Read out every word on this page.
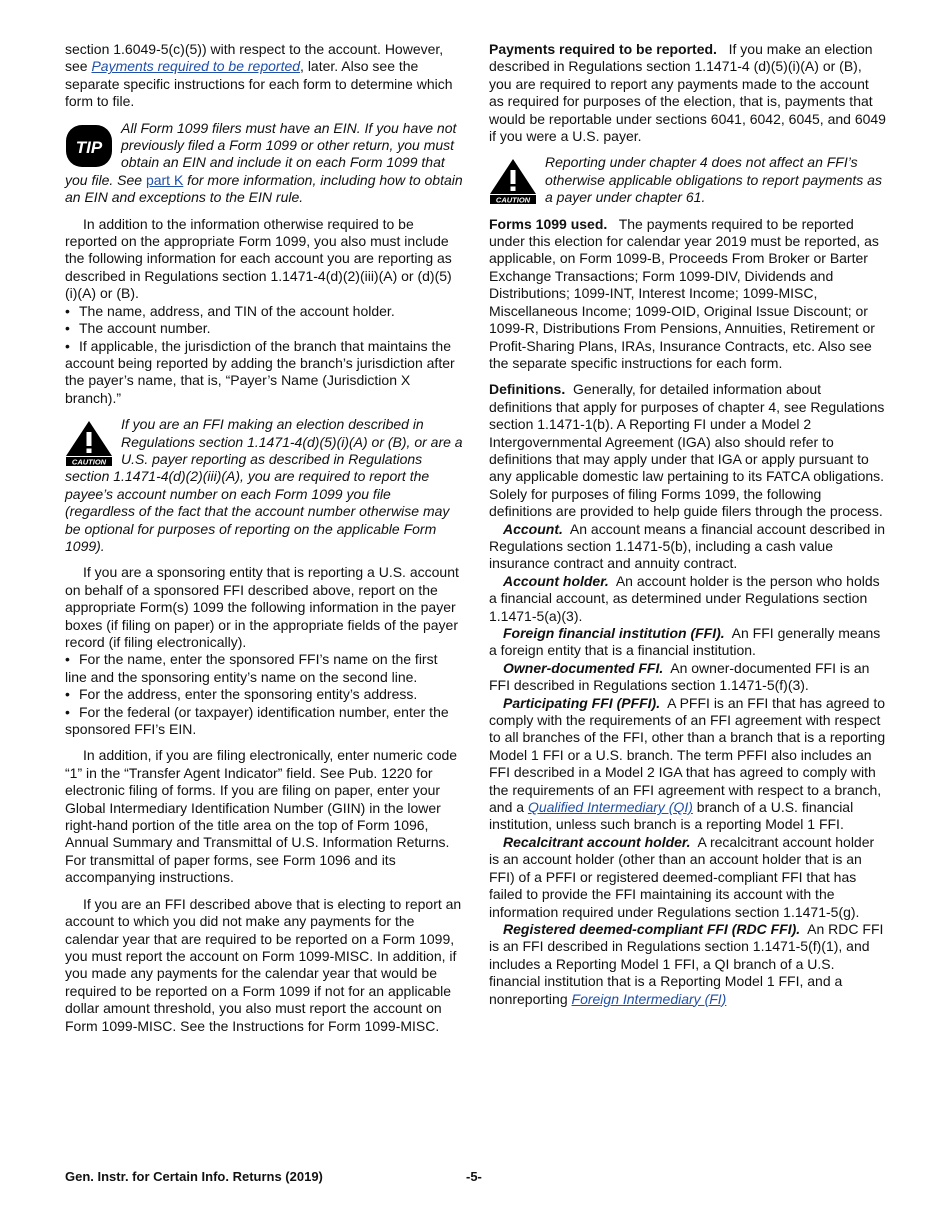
section 1.6049-5(c)(5)) with respect to the account. However, see Payments required to be reported, later. Also see the separate specific instructions for each form to determine which form to file.

TIP
All Form 1099 filers must have an EIN. If you have not previously filed a Form 1099 or other return, you must obtain an EIN and include it on each Form 1099 that you file. See part K for more information, including how to obtain an EIN and exceptions to the EIN rule.

In addition to the information otherwise required to be reported on the appropriate Form 1099, you also must include the following information for each account you are reporting as described in Regulations section 1.1471-4(d)(2)(iii)(A) or (d)(5)(i)(A) or (B).

• The name, address, and TIN of the account holder.

• The account number.

• If applicable, the jurisdiction of the branch that maintains the account being reported by adding the branch’s jurisdiction after the payer’s name, that is, “Payer’s Name (Jurisdiction X branch).”

CAUTION
If you are an FFI making an election described in Regulations section 1.1471-4(d)(5)(i)(A) or (B), or are a U.S. payer reporting as described in Regulations section 1.1471-4(d)(2)(iii)(A), you are required to report the payee’s account number on each Form 1099 you file (regardless of the fact that the account number otherwise may be optional for purposes of reporting on the applicable Form 1099).

If you are a sponsoring entity that is reporting a U.S. account on behalf of a sponsored FFI described above, report on the appropriate Form(s) 1099 the following information in the payer boxes (if filing on paper) or in the appropriate fields of the payer record (if filing electronically).

• For the name, enter the sponsored FFI’s name on the first line and the sponsoring entity’s name on the second line.

• For the address, enter the sponsoring entity’s address.

• For the federal (or taxpayer) identification number, enter the sponsored FFI’s EIN.

In addition, if you are filing electronically, enter numeric code “1” in the “Transfer Agent Indicator” field. See Pub. 1220 for electronic filing of forms. If you are filing on paper, enter your Global Intermediary Identification Number (GIIN) in the lower right-hand portion of the title area on the top of Form 1096, Annual Summary and Transmittal of U.S. Information Returns. For transmittal of paper forms, see Form 1096 and its accompanying instructions.

If you are an FFI described above that is electing to report an account to which you did not make any payments for the calendar year that are required to be reported on a Form 1099, you must report the account on Form 1099-MISC. In addition, if you made any payments for the calendar year that would be required to be reported on a Form 1099 if not for an applicable dollar amount threshold, you also must report the account on Form 1099-MISC. See the Instructions for Form 1099-MISC.

Payments required to be reported. If you make an election described in Regulations section 1.1471-4 (d)(5)(i)(A) or (B), you are required to report any payments made to the account as required for purposes of the election, that is, payments that would be reportable under sections 6041, 6042, 6045, and 6049 if you were a U.S. payer.

CAUTION
Reporting under chapter 4 does not affect an FFI’s otherwise applicable obligations to report payments as a payer under chapter 61.

Forms 1099 used. The payments required to be reported under this election for calendar year 2019 must be reported, as applicable, on Form 1099-B, Proceeds From Broker or Barter Exchange Transactions; Form 1099-DIV, Dividends and Distributions; 1099-INT, Interest Income; 1099-MISC, Miscellaneous Income; 1099-OID, Original Issue Discount; or 1099-R, Distributions From Pensions, Annuities, Retirement or Profit-Sharing Plans, IRAs, Insurance Contracts, etc. Also see the separate specific instructions for each form.

Definitions. Generally, for detailed information about definitions that apply for purposes of chapter 4, see Regulations section 1.1471-1(b). A Reporting FI under a Model 2 Intergovernmental Agreement (IGA) also should refer to definitions that may apply under that IGA or apply pursuant to any applicable domestic law pertaining to its FATCA obligations. Solely for purposes of filing Forms 1099, the following definitions are provided to help guide filers through the process.

Account. An account means a financial account described in Regulations section 1.1471-5(b), including a cash value insurance contract and annuity contract.

Account holder. An account holder is the person who holds a financial account, as determined under Regulations section 1.1471-5(a)(3).

Foreign financial institution (FFI). An FFI generally means a foreign entity that is a financial institution.

Owner-documented FFI. An owner-documented FFI is an FFI described in Regulations section 1.1471-5(f)(3).

Participating FFI (PFFI). A PFFI is an FFI that has agreed to comply with the requirements of an FFI agreement with respect to all branches of the FFI, other than a branch that is a reporting Model 1 FFI or a U.S. branch. The term PFFI also includes an FFI described in a Model 2 IGA that has agreed to comply with the requirements of an FFI agreement with respect to a branch, and a Qualified Intermediary (QI) branch of a U.S. financial institution, unless such branch is a reporting Model 1 FFI.

Recalcitrant account holder. A recalcitrant account holder is an account holder (other than an account holder that is an FFI) of a PFFI or registered deemed-compliant FFI that has failed to provide the FFI maintaining its account with the information required under Regulations section 1.1471-5(g).

Registered deemed-compliant FFI (RDC FFI). An RDC FFI is an FFI described in Regulations section 1.1471-5(f)(1), and includes a Reporting Model 1 FFI, a QI branch of a U.S. financial institution that is a Reporting Model 1 FFI, and a nonreporting Foreign Intermediary (FI)

Gen. Instr. for Certain Info. Returns (2019)	-5-
